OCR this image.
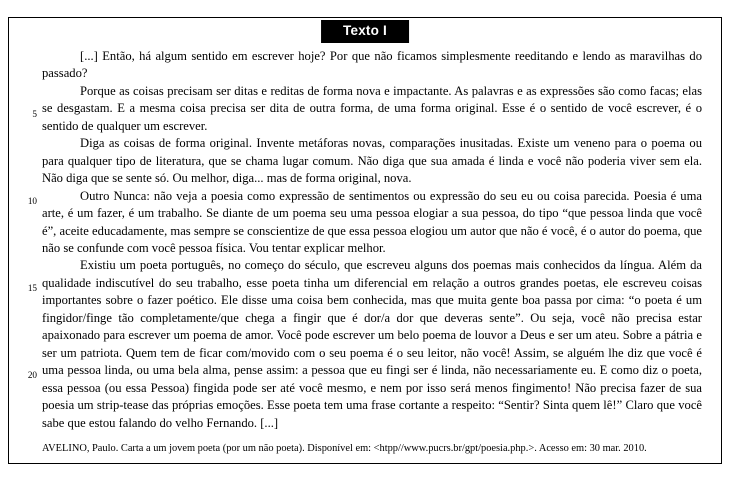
Texto I
5
10
15
20

[...] Então, há algum sentido em escrever hoje? Por que não ficamos simplesmente reeditando e lendo as maravilhas do passado?

Porque as coisas precisam ser ditas e reditas de forma nova e impactante. As palavras e as expressões são como facas; elas se desgastam. E a mesma coisa precisa ser dita de outra forma, de uma forma original. Esse é o sentido de você escrever, é o sentido de qualquer um escrever.

Diga as coisas de forma original. Invente metáforas novas, comparações inusitadas. Existe um veneno para o poema ou para qualquer tipo de literatura, que se chama lugar comum. Não diga que sua amada é linda e você não poderia viver sem ela. Não diga que se sente só. Ou melhor, diga... mas de forma original, nova.

Outro Nunca: não veja a poesia como expressão de sentimentos ou expressão do seu eu ou coisa parecida. Poesia é uma arte, é um fazer, é um trabalho. Se diante de um poema seu uma pessoa elogiar a sua pessoa, do tipo “que pessoa linda que você é”, aceite educadamente, mas sempre se conscientize de que essa pessoa elogiou um autor que não é você, é o autor do poema, que não se confunde com você pessoa física. Vou tentar explicar melhor.

Existiu um poeta português, no começo do século, que escreveu alguns dos poemas mais conhecidos da língua. Além da qualidade indiscutível do seu trabalho, esse poeta tinha um diferencial em relação a outros grandes poetas, ele escreveu coisas importantes sobre o fazer poético. Ele disse uma coisa bem conhecida, mas que muita gente boa passa por cima: “o poeta é um fingidor/finge tão completamente/que chega a fingir que é dor/a dor que deveras sente”. Ou seja, você não precisa estar apaixonado para escrever um poema de amor. Você pode escrever um belo poema de louvor a Deus e ser um ateu. Sobre a pátria e ser um patriota. Quem tem de ficar com/movido com o seu poema é o seu leitor, não você! Assim, se alguém lhe diz que você é uma pessoa linda, ou uma bela alma, pense assim: a pessoa que eu fingi ser é linda, não necessariamente eu. E como diz o poeta, essa pessoa (ou essa Pessoa) fingida pode ser até você mesmo, e nem por isso será menos fingimento! Não precisa fazer de sua poesia um strip-tease das próprias emoções. Esse poeta tem uma frase cortante a respeito: “Sentir? Sinta quem lê!” Claro que você sabe que estou falando do velho Fernando. [...]

AVELINO, Paulo. Carta a um jovem poeta (por um não poeta). Disponível em: <htpp//www.pucrs.br/gpt/poesia.php.>. Acesso em: 30 mar. 2010.
